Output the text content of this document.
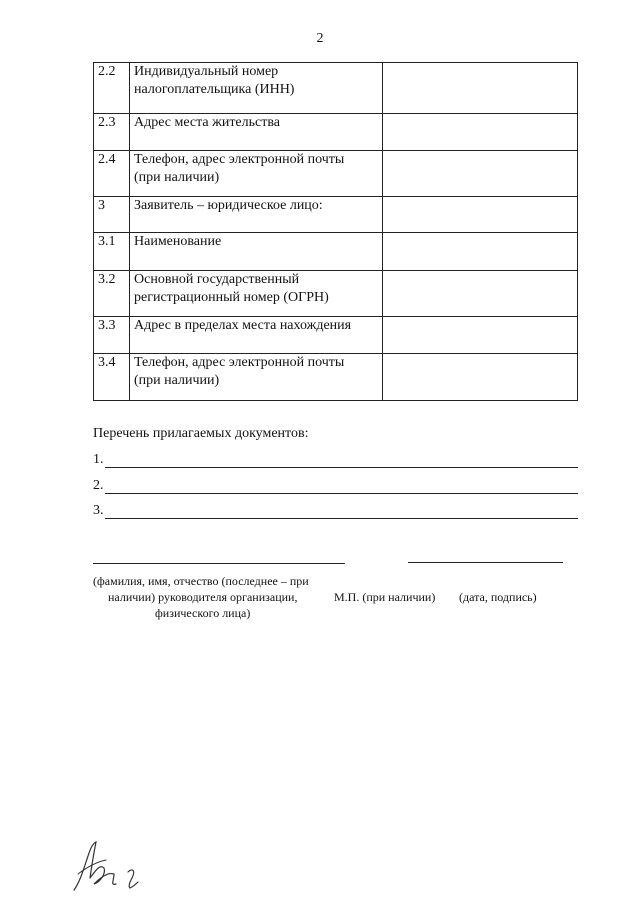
2
2.2	Индивидуальный номер
налогоплательщика (ИНН)	
2.3	Адрес места жительства	
2.4	Телефон, адрес электронной почты
(при наличии)	
3	Заявитель – юридическое лицо:	
3.1	Наименование	
3.2	Основной государственный
регистрационный номер (ОГРН)	
3.3	Адрес в пределах места нахождения	
3.4	Телефон, адрес электронной почты
(при наличии)	
Перечень прилагаемых документов:
1.
2.
3.
(фамилия, имя, отчество (последнее – при
наличии) руководителя организации,
физического лица)
М.П. (при наличии) (дата, подпись)
